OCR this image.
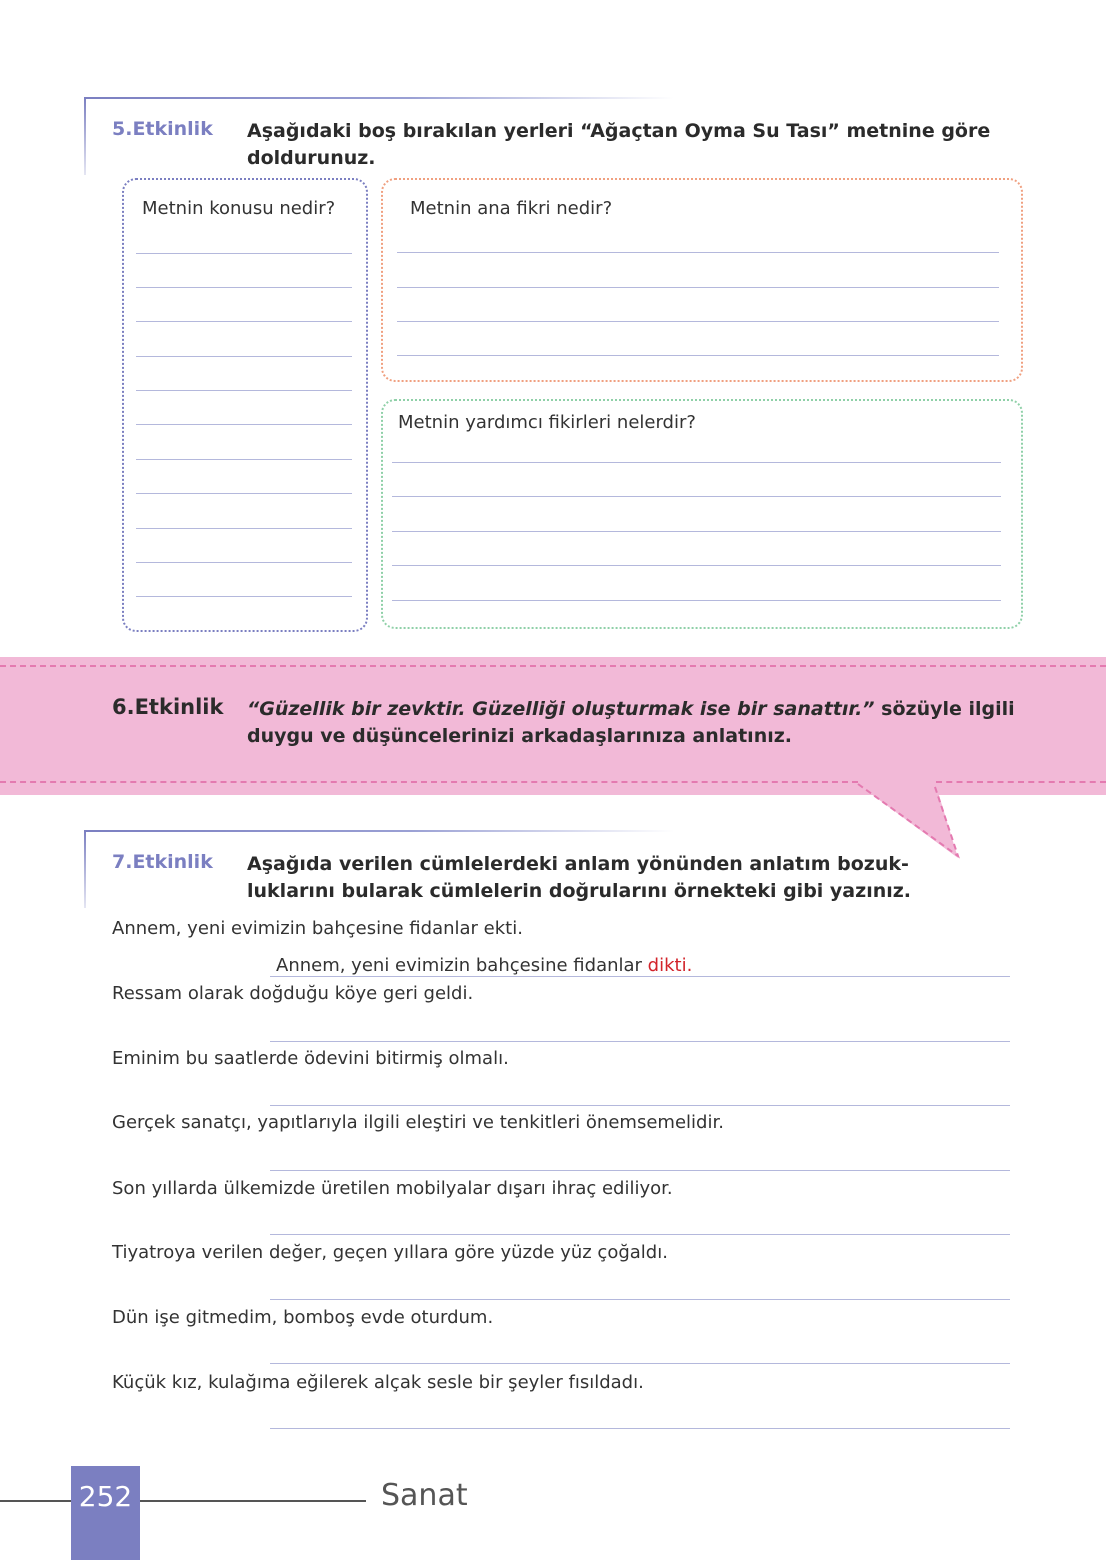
5.Etkinlik Aşağıdaki boş bırakılan yerleri “Ağaçtan Oyma Su Tası” metnine göre
doldurunuz.
Metnin konusu nedir?	Metnin ana fikri nedir?
Metnin yardımcı fikirleri nelerdir?
6.Etkinlik “Güzellik bir zevktir. Güzelliği oluşturmak ise bir sanattır.” sözüyle ilgili
duygu ve düşüncelerinizi arkadaşlarınıza anlatınız.
7.Etkinlik Aşağıda verilen cümlelerdeki anlam yönünden anlatım bozuk-
luklarını bularak cümlelerin doğrularını örnekteki gibi yazınız.
Annem, yeni evimizin bahçesine fidanlar ekti.
Annem, yeni evimizin bahçesine fidanlar dikti.
Ressam olarak doğduğu köye geri geldi.
Eminim bu saatlerde ödevini bitirmiş olmalı.
Gerçek sanatçı, yapıtlarıyla ilgili eleştiri ve tenkitleri önemsemelidir.
Son yıllarda ülkemizde üretilen mobilyalar dışarı ihraç ediliyor.
Tiyatroya verilen değer, geçen yıllara göre yüzde yüz çoğaldı.
Dün işe gitmedim, bomboş evde oturdum.
Küçük kız, kulağıma eğilerek alçak sesle bir şeyler fısıldadı.
252	Sanat
